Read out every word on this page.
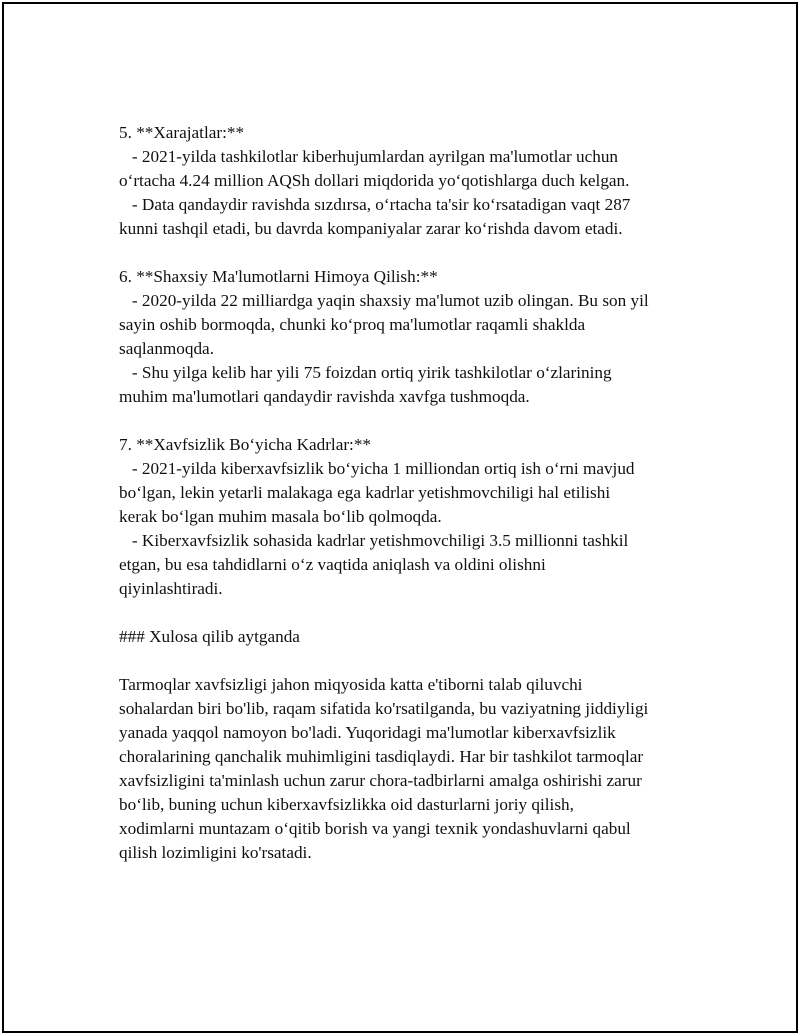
5. **Xarajatlar:**
- 2021-yilda tashkilotlar kiberhujumlardan ayrilgan ma'lumotlar uchun
o‘rtacha 4.24 million AQSh dollari miqdorida yo‘qotishlarga duch kelgan.
- Data qandaydir ravishda sızdırsa, o‘rtacha ta'sir ko‘rsatadigan vaqt 287
kunni tashqil etadi, bu davrda kompaniyalar zarar ko‘rishda davom etadi.
6. **Shaxsiy Ma'lumotlarni Himoya Qilish:**
- 2020-yilda 22 milliardga yaqin shaxsiy ma'lumot uzib olingan. Bu son yil
sayin oshib bormoqda, chunki ko‘proq ma'lumotlar raqamli shaklda
saqlanmoqda.
- Shu yilga kelib har yili 75 foizdan ortiq yirik tashkilotlar o‘zlarining
muhim ma'lumotlari qandaydir ravishda xavfga tushmoqda.
7. **Xavfsizlik Bo‘yicha Kadrlar:**
- 2021-yilda kiberxavfsizlik bo‘yicha 1 milliondan ortiq ish o‘rni mavjud
bo‘lgan, lekin yetarli malakaga ega kadrlar yetishmovchiligi hal etilishi
kerak bo‘lgan muhim masala bo‘lib qolmoqda.
- Kiberxavfsizlik sohasida kadrlar yetishmovchiligi 3.5 millionni tashkil
etgan, bu esa tahdidlarni o‘z vaqtida aniqlash va oldini olishni
qiyinlashtiradi.
### Xulosa qilib aytganda
Tarmoqlar xavfsizligi jahon miqyosida katta e'tiborni talab qiluvchi
sohalardan biri bo'lib, raqam sifatida ko'rsatilganda, bu vaziyatning jiddiyligi
yanada yaqqol namoyon bo'ladi. Yuqoridagi ma'lumotlar kiberxavfsizlik
choralarining qanchalik muhimligini tasdiqlaydi. Har bir tashkilot tarmoqlar
xavfsizligini ta'minlash uchun zarur chora-tadbirlarni amalga oshirishi zarur
bo‘lib, buning uchun kiberxavfsizlikka oid dasturlarni joriy qilish,
xodimlarni muntazam o‘qitib borish va yangi texnik yondashuvlarni qabul
qilish lozimligini ko'rsatadi.
